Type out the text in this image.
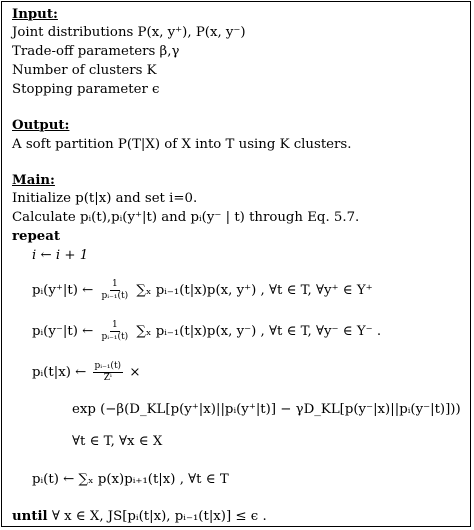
Input:
Joint distributions P(x, y⁺), P(x, y⁻)
Trade-off parameters β,γ
Number of clusters K
Stopping parameter ϵ
Output:
A soft partition P(T|X) of X into T using K clusters.
Main:
Initialize p(t|x) and set i=0.
Calculate pᵢ(t),pᵢ(y⁺|t) and pᵢ(y⁻ | t) through Eq. 5.7.
repeat
i ← i + 1
pᵢ(y⁺|t) ← $\frac{1}{\text{pᵢ₋₁(t)}} \sum_x$ pᵢ₋₁(t|x)p(x, y⁺) , ∀t ∈ T, ∀y⁺ ∈ Y⁺
pᵢ(y⁻|t) ← $\frac{1}{\text{pᵢ₋₁(t)}} \sum_x$ pᵢ₋₁(t|x)p(x, y⁻) , ∀t ∈ T, ∀y⁻ ∈ Y⁻ .
pᵢ(t|x) ← $\frac{\text{pᵢ₋₁(t)}}{\text{Zⁱ}}$ ×
exp (−β(D_KL[p(y⁺|x)||pᵢ(y⁺|t)] − γD_KL[p(y⁻|x)||pᵢ(y⁻|t)]))
∀t ∈ T, ∀x ∈ X
pᵢ(t) ← ∑ₓ p(x)pᵢ₊₁(t|x) , ∀t ∈ T
until ∀ x ∈ X, JS[pᵢ(t|x), pᵢ₋₁(t|x)] ≤ ϵ .
